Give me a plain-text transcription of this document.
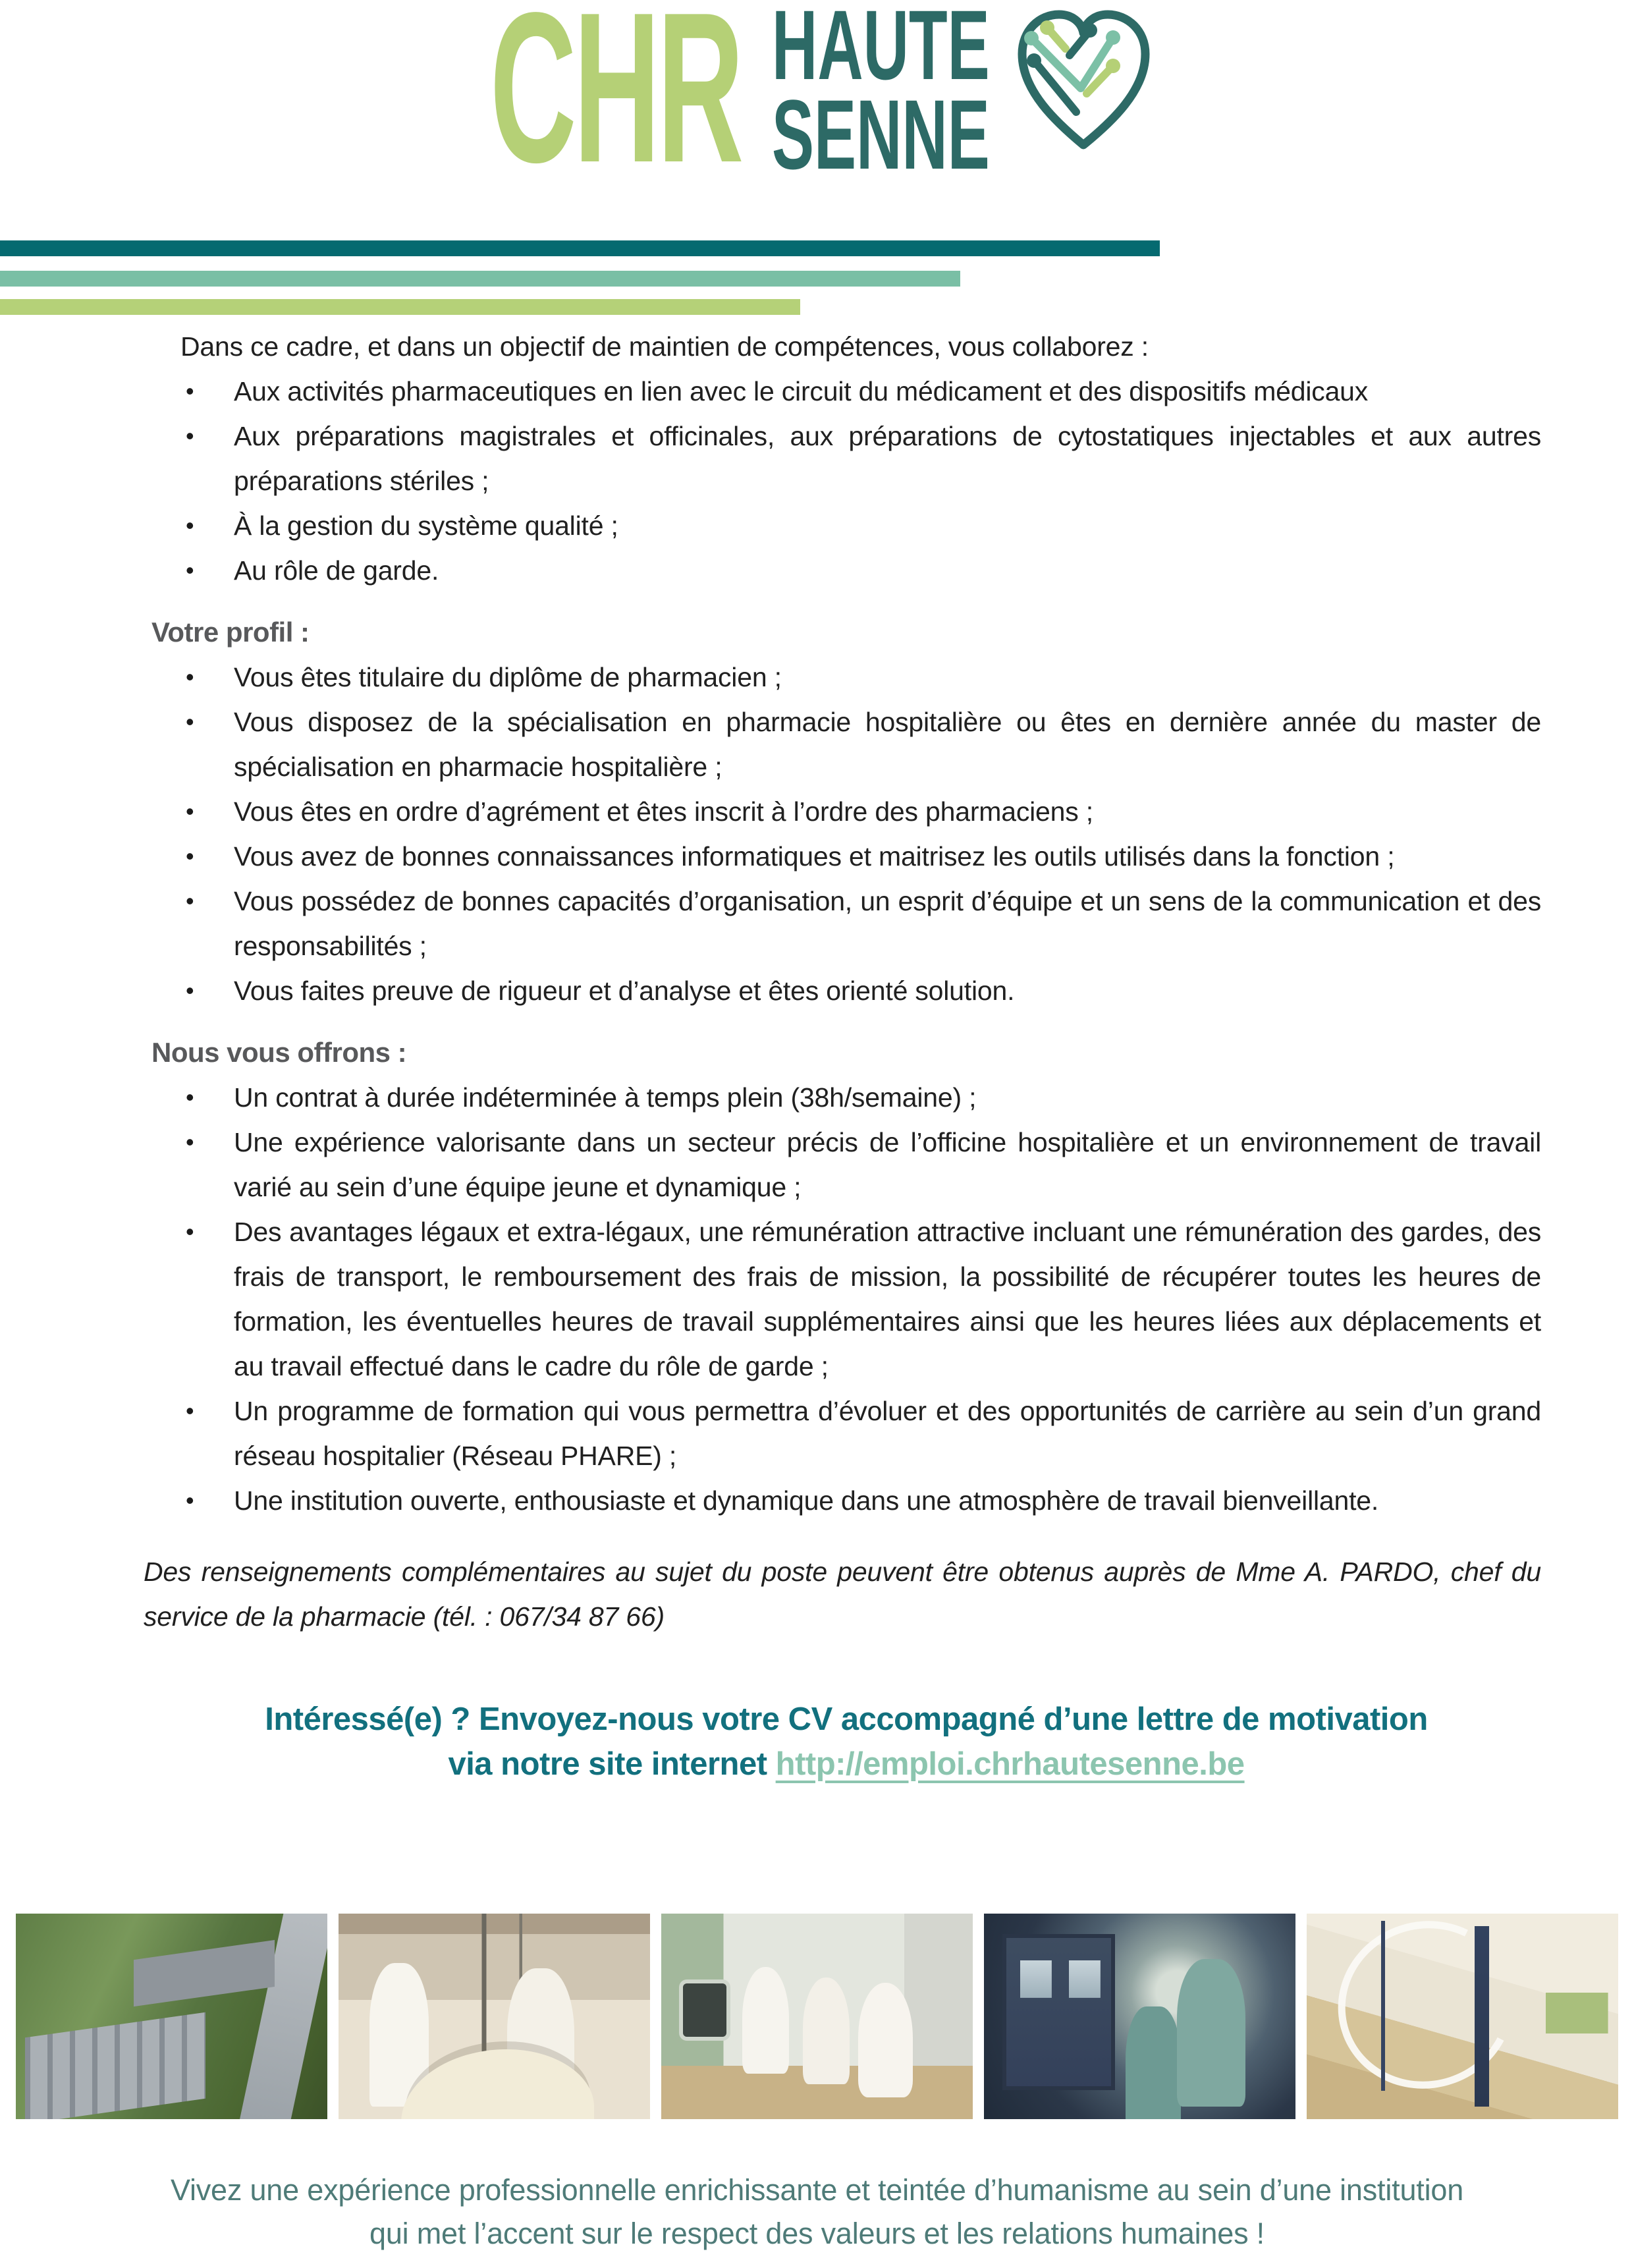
CHR HAUTE
SENNE

Dans ce cadre, et dans un objectif de maintien de compétences, vous collaborez :

• Aux activités pharmaceutiques en lien avec le circuit du médicament et des dispositifs médicaux
• Aux préparations magistrales et officinales, aux préparations de cytostatiques injectables et aux autres préparations stériles ;
• À la gestion du système qualité ;
• Au rôle de garde.
Votre profil :
• Vous êtes titulaire du diplôme de pharmacien ;
• Vous disposez de la spécialisation en pharmacie hospitalière ou êtes en dernière année du master de spécialisation en pharmacie hospitalière ;
• Vous êtes en ordre d’agrément et êtes inscrit à l’ordre des pharmaciens ;
• Vous avez de bonnes connaissances informatiques et maitrisez les outils utilisés dans la fonction ;
• Vous possédez de bonnes capacités d’organisation, un esprit d’équipe et un sens de la communication et des responsabilités ;
• Vous faites preuve de rigueur et d’analyse et êtes orienté solution.
Nous vous offrons :
• Un contrat à durée indéterminée à temps plein (38h/semaine) ;
• Une expérience valorisante dans un secteur précis de l’officine hospitalière et un environnement de travail varié au sein d’une équipe jeune et dynamique ;
• Des avantages légaux et extra-légaux, une rémunération attractive incluant une rémunération des gardes, des frais de transport, le remboursement des frais de mission, la possibilité de récupérer toutes les heures de formation, les éventuelles heures de travail supplémentaires ainsi que les heures liées aux déplacements et au travail effectué dans le cadre du rôle de garde ;
• Un programme de formation qui vous permettra d’évoluer et des opportunités de carrière au sein d’un grand réseau hospitalier (Réseau PHARE) ;
• Une institution ouverte, enthousiaste et dynamique dans une atmosphère de travail bienveillante.

Des renseignements complémentaires au sujet du poste peuvent être obtenus auprès de Mme A. PARDO, chef du service de la pharmacie (tél. : 067/34 87 66)

Intéressé(e) ? Envoyez-nous votre CV accompagné d’une lettre de motivation
via notre site internet http://emploi.chrhautesenne.be
Vivez une expérience professionnelle enrichissante et teintée d’humanisme au sein d’une institution
qui met l’accent sur le respect des valeurs et les relations humaines !
